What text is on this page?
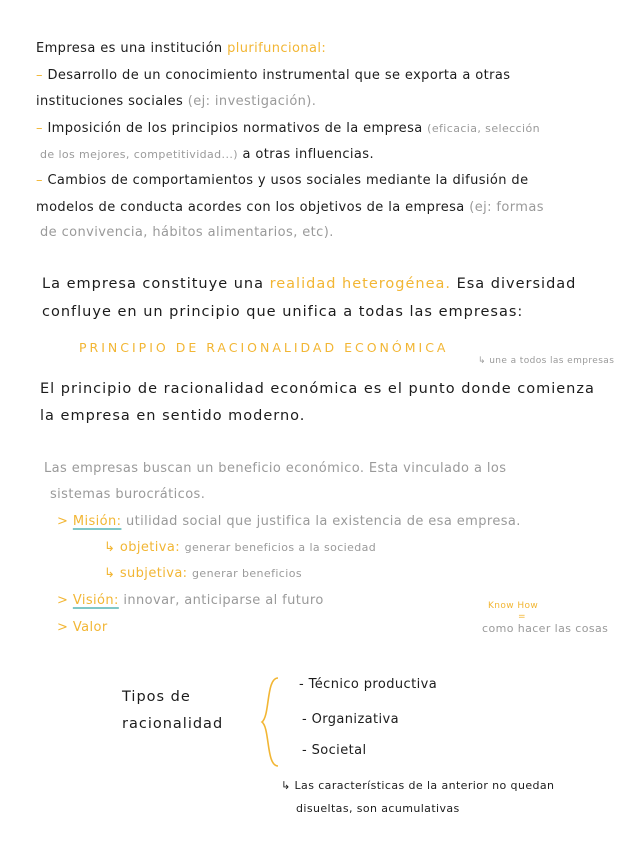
Empresa es una institución plurifuncional:
– Desarrollo de un conocimiento instrumental que se exporta a otras
instituciones sociales (ej: investigación).
– Imposición de los principios normativos de la empresa (eficacia, selección
de los mejores, competitividad...) a otras influencias.
– Cambios de comportamientos y usos sociales mediante la difusión de
modelos de conducta acordes con los objetivos de la empresa (ej: formas
de convivencia, hábitos alimentarios, etc).
La empresa constituye una realidad heterogénea. Esa diversidad
confluye en un principio que unifica a todas las empresas:
PRINCIPIO DE RACIONALIDAD ECONÓMICA
↳ une a todos las empresas
El principio de racionalidad económica es el punto donde comienza
la empresa en sentido moderno.
Las empresas buscan un beneficio económico. Esta vinculado a los
sistemas burocráticos.
> Misión: utilidad social que justifica la existencia de esa empresa.
↳ objetiva: generar beneficios a la sociedad
↳ subjetiva: generar beneficios
> Visión: innovar, anticiparse al futuro
> Valor
Know How
=
como hacer las cosas
Tipos de
racionalidad
- Técnico productiva
- Organizativa
- Societal
↳ Las características de la anterior no quedan
disueltas, son acumulativas
